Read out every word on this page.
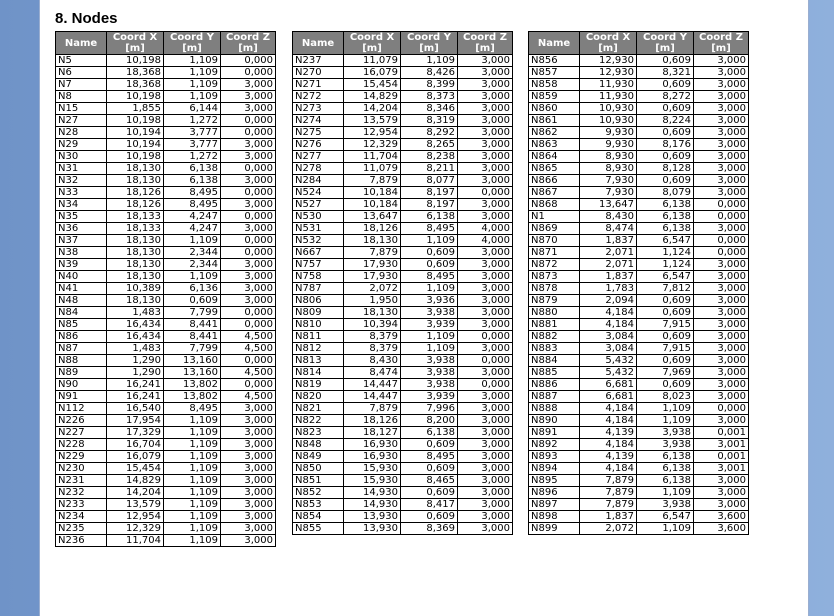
8. Nodes
Name	Coord X [m]	Coord Y [m]	Coord Z [m]
N5	10,198	1,109	0,000
N6	18,368	1,109	0,000
N7	18,368	1,109	3,000
N8	10,198	1,109	3,000
N15	1,855	6,144	3,000
N27	10,198	1,272	0,000
N28	10,194	3,777	0,000
N29	10,194	3,777	3,000
N30	10,198	1,272	3,000
N31	18,130	6,138	0,000
N32	18,130	6,138	3,000
N33	18,126	8,495	0,000
N34	18,126	8,495	3,000
N35	18,133	4,247	0,000
N36	18,133	4,247	3,000
N37	18,130	1,109	0,000
N38	18,130	2,344	0,000
N39	18,130	2,344	3,000
N40	18,130	1,109	3,000
N41	10,389	6,136	3,000
N48	18,130	0,609	3,000
N84	1,483	7,799	0,000
N85	16,434	8,441	0,000
N86	16,434	8,441	4,500
N87	1,483	7,799	4,500
N88	1,290	13,160	0,000
N89	1,290	13,160	4,500
N90	16,241	13,802	0,000
N91	16,241	13,802	4,500
N112	16,540	8,495	3,000
N226	17,954	1,109	3,000
N227	17,329	1,109	3,000
N228	16,704	1,109	3,000
N229	16,079	1,109	3,000
N230	15,454	1,109	3,000
N231	14,829	1,109	3,000
N232	14,204	1,109	3,000
N233	13,579	1,109	3,000
N234	12,954	1,109	3,000
N235	12,329	1,109	3,000
N236	11,704	1,109	3,000
Name	Coord X [m]	Coord Y [m]	Coord Z [m]
N237	11,079	1,109	3,000
N270	16,079	8,426	3,000
N271	15,454	8,399	3,000
N272	14,829	8,373	3,000
N273	14,204	8,346	3,000
N274	13,579	8,319	3,000
N275	12,954	8,292	3,000
N276	12,329	8,265	3,000
N277	11,704	8,238	3,000
N278	11,079	8,211	3,000
N284	7,879	8,077	3,000
N524	10,184	8,197	0,000
N527	10,184	8,197	3,000
N530	13,647	6,138	3,000
N531	18,126	8,495	4,000
N532	18,130	1,109	4,000
N667	7,879	0,609	3,000
N757	17,930	0,609	3,000
N758	17,930	8,495	3,000
N787	2,072	1,109	3,000
N806	1,950	3,936	3,000
N809	18,130	3,938	3,000
N810	10,394	3,939	3,000
N811	8,379	1,109	0,000
N812	8,379	1,109	3,000
N813	8,430	3,938	0,000
N814	8,474	3,938	3,000
N819	14,447	3,938	0,000
N820	14,447	3,939	3,000
N821	7,879	7,996	3,000
N822	18,126	8,200	3,000
N823	18,127	6,138	3,000
N848	16,930	0,609	3,000
N849	16,930	8,495	3,000
N850	15,930	0,609	3,000
N851	15,930	8,465	3,000
N852	14,930	0,609	3,000
N853	14,930	8,417	3,000
N854	13,930	0,609	3,000
N855	13,930	8,369	3,000
Name	Coord X [m]	Coord Y [m]	Coord Z [m]
N856	12,930	0,609	3,000
N857	12,930	8,321	3,000
N858	11,930	0,609	3,000
N859	11,930	8,272	3,000
N860	10,930	0,609	3,000
N861	10,930	8,224	3,000
N862	9,930	0,609	3,000
N863	9,930	8,176	3,000
N864	8,930	0,609	3,000
N865	8,930	8,128	3,000
N866	7,930	0,609	3,000
N867	7,930	8,079	3,000
N868	13,647	6,138	0,000
N1	8,430	6,138	0,000
N869	8,474	6,138	3,000
N870	1,837	6,547	0,000
N871	2,071	1,124	0,000
N872	2,071	1,124	3,000
N873	1,837	6,547	3,000
N878	1,783	7,812	3,000
N879	2,094	0,609	3,000
N880	4,184	0,609	3,000
N881	4,184	7,915	3,000
N882	3,084	0,609	3,000
N883	3,084	7,915	3,000
N884	5,432	0,609	3,000
N885	5,432	7,969	3,000
N886	6,681	0,609	3,000
N887	6,681	8,023	3,000
N888	4,184	1,109	0,000
N890	4,184	1,109	3,000
N891	4,139	3,938	0,001
N892	4,184	3,938	3,001
N893	4,139	6,138	0,001
N894	4,184	6,138	3,001
N895	7,879	6,138	3,000
N896	7,879	1,109	3,000
N897	7,879	3,938	3,000
N898	1,837	6,547	3,600
N899	2,072	1,109	3,600
